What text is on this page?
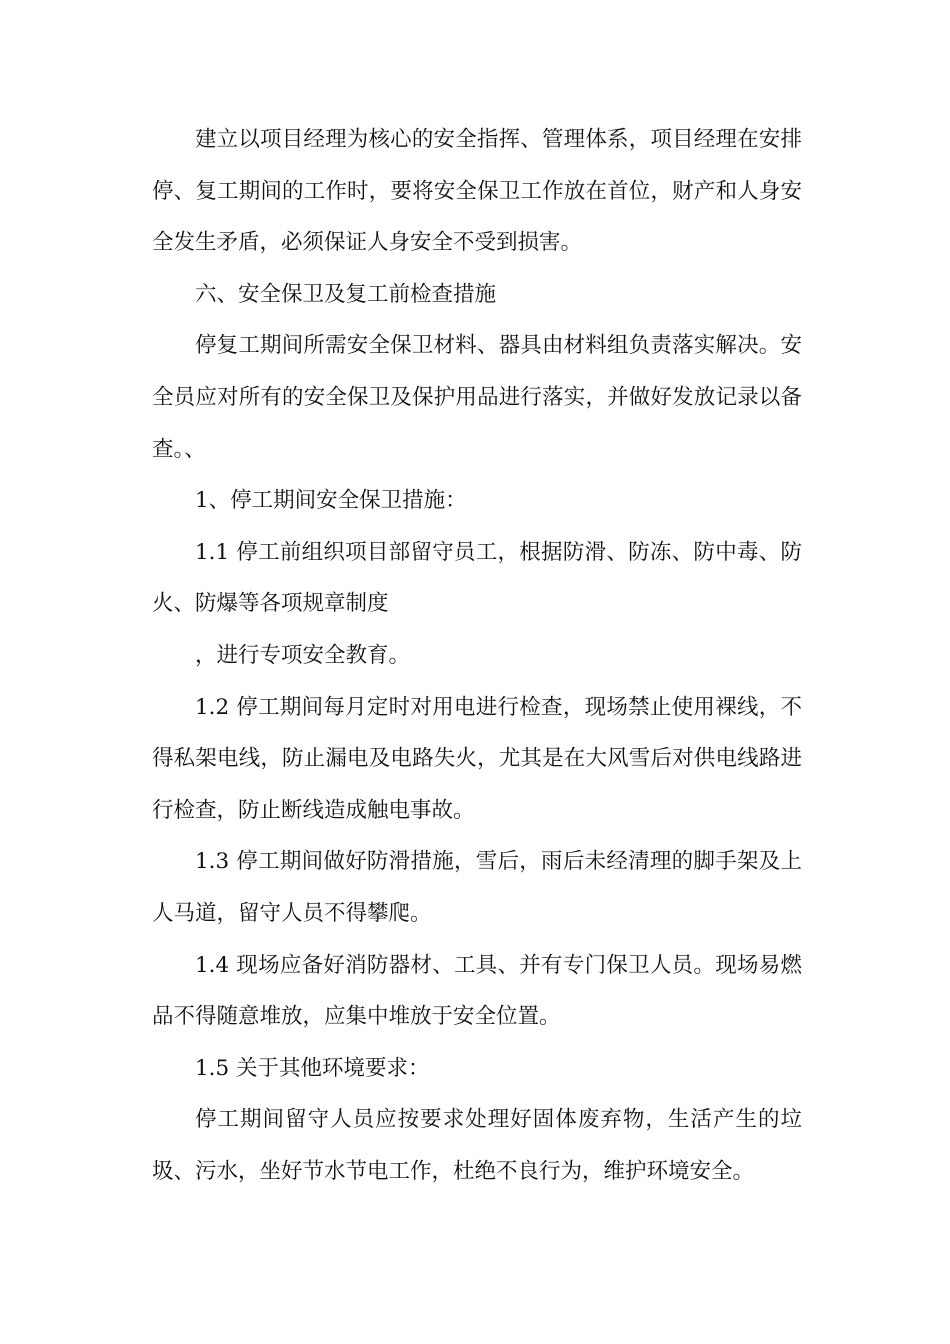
建立以项目经理为核心的安全指挥、管理体系，项目经理在安排停、复工期间的工作时，要将安全保卫工作放在首位，财产和人身安全发生矛盾，必须保证人身安全不受到损害。

六、安全保卫及复工前检查措施

停复工期间所需安全保卫材料、器具由材料组负责落实解决。安全员应对所有的安全保卫及保护用品进行落实，并做好发放记录以备查。、

1、停工期间安全保卫措施：

1.1 停工前组织项目部留守员工，根据防滑、防冻、防中毒、防火、防爆等各项规章制度

，进行专项安全教育。

1.2 停工期间每月定时对用电进行检查，现场禁止使用裸线，不得私架电线，防止漏电及电路失火，尤其是在大风雪后对供电线路进行检查，防止断线造成触电事故。

1.3 停工期间做好防滑措施，雪后，雨后未经清理的脚手架及上人马道，留守人员不得攀爬。

1.4 现场应备好消防器材、工具、并有专门保卫人员。现场易燃品不得随意堆放，应集中堆放于安全位置。

1.5 关于其他环境要求：

停工期间留守人员应按要求处理好固体废弃物，生活产生的垃圾、污水，坐好节水节电工作，杜绝不良行为，维护环境安全。
